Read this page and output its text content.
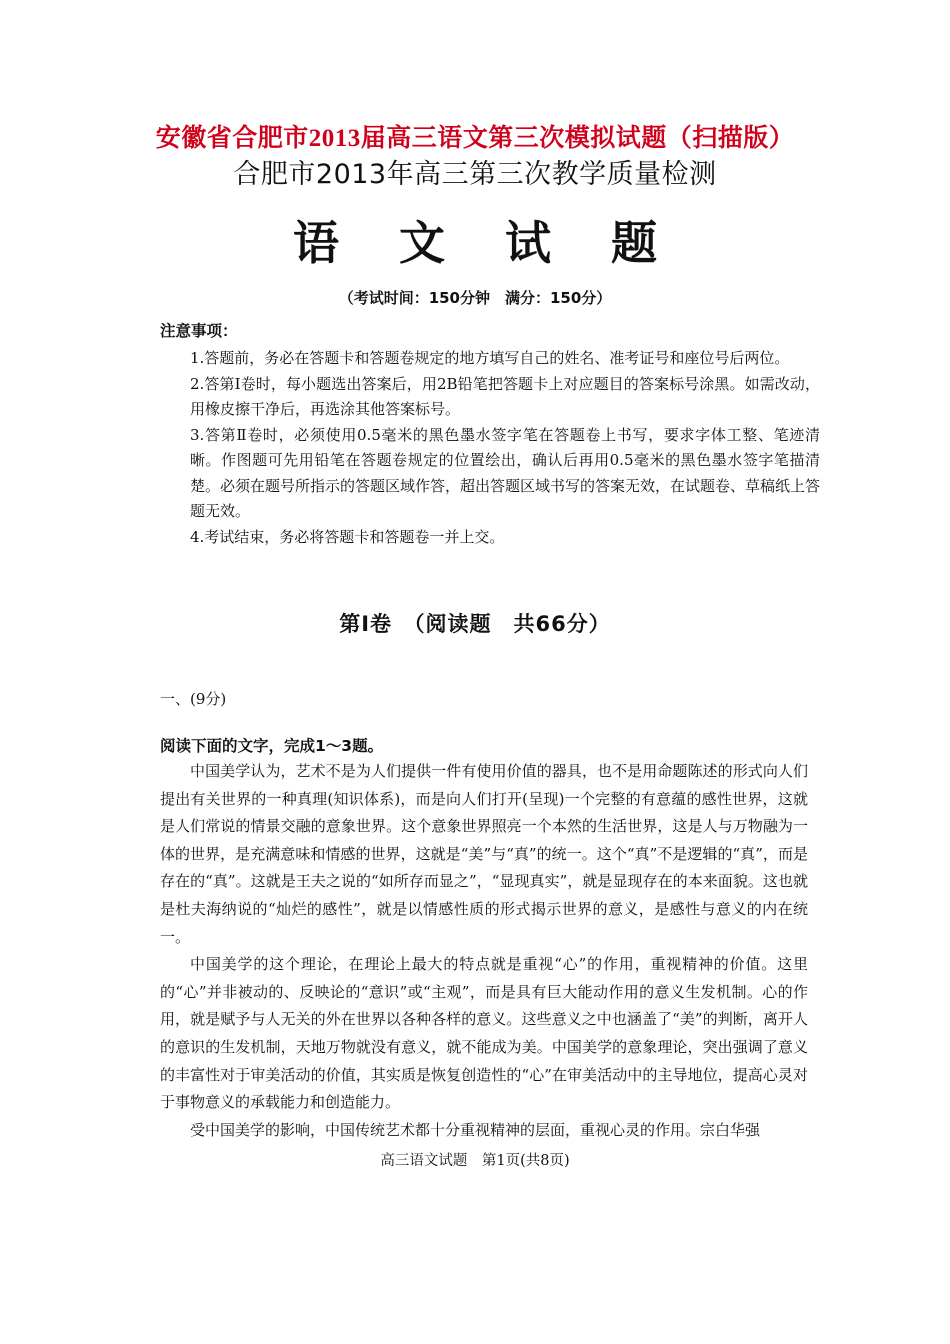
安徽省合肥市2013届高三语文第三次模拟试题（扫描版）
合肥市2013年高三第三次教学质量检测
语 文 试 题
（考试时间：150分钟　满分：150分）
注意事项：
1.答题前，务必在答题卡和答题卷规定的地方填写自己的姓名、准考证号和座位号后两位。
2.答第Ⅰ卷时，每小题选出答案后，用2B铅笔把答题卡上对应题目的答案标号涂黑。如需改动，用橡皮擦干净后，再选涂其他答案标号。
3.答第Ⅱ卷时，必须使用0.5毫米的黑色墨水签字笔在答题卷上书写，要求字体工整、笔迹清晰。作图题可先用铅笔在答题卷规定的位置绘出，确认后再用0.5毫米的黑色墨水签字笔描清楚。必须在题号所指示的答题区域作答，超出答题区域书写的答案无效，在试题卷、草稿纸上答题无效。
4.考试结束，务必将答题卡和答题卷一并上交。
第Ⅰ卷　（阅读题　共66分）
一、(9分)
阅读下面的文字，完成1～3题。

中国美学认为，艺术不是为人们提供一件有使用价值的器具，也不是用命题陈述的形式向人们提出有关世界的一种真理(知识体系)，而是向人们打开(呈现)一个完整的有意蕴的感性世界，这就是人们常说的情景交融的意象世界。这个意象世界照亮一个本然的生活世界，这是人与万物融为一体的世界，是充满意味和情感的世界，这就是“美”与“真”的统一。这个“真”不是逻辑的“真”，而是存在的“真”。这就是王夫之说的“如所存而显之”，“显现真实”，就是显现存在的本来面貌。这也就是杜夫海纳说的“灿烂的感性”，就是以情感性质的形式揭示世界的意义，是感性与意义的内在统一。

中国美学的这个理论，在理论上最大的特点就是重视“心”的作用，重视精神的价值。这里的“心”并非被动的、反映论的“意识”或“主观”，而是具有巨大能动作用的意义生发机制。心的作用，就是赋予与人无关的外在世界以各种各样的意义。这些意义之中也涵盖了“美”的判断，离开人的意识的生发机制，天地万物就没有意义，就不能成为美。中国美学的意象理论，突出强调了意义的丰富性对于审美活动的价值，其实质是恢复创造性的“心”在审美活动中的主导地位，提高心灵对于事物意义的承载能力和创造能力。

受中国美学的影响，中国传统艺术都十分重视精神的层面，重视心灵的作用。宗白华强

高三语文试题　第1页(共8页)
